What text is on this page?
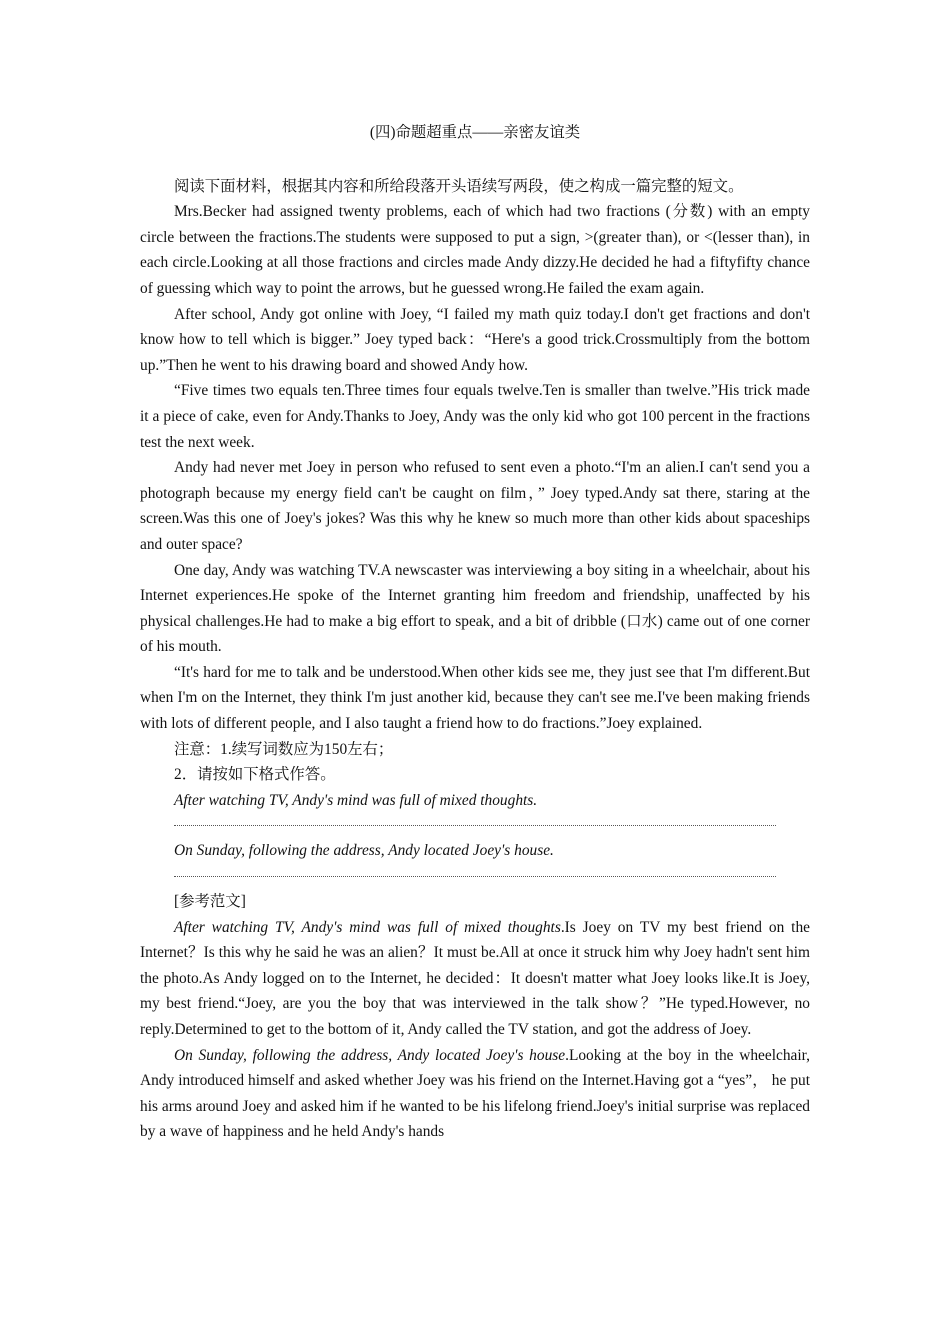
(四)命题超重点——亲密友谊类

阅读下面材料，根据其内容和所给段落开头语续写两段，使之构成一篇完整的短文。

Mrs.Becker had assigned twenty problems, each of which had two fractions (分数) with an empty circle between the fractions.The students were supposed to put a sign, >(greater than), or <(lesser than), in each circle.Looking at all those fractions and circles made Andy dizzy.He decided he had a fiftyfifty chance of guessing which way to point the arrows, but he guessed wrong.He failed the exam again.

After school, Andy got online with Joey, “I failed my math quiz today.I don't get fractions and don't know how to tell which is bigger.” Joey typed back：“Here's a good trick.Crossmultiply from the bottom up.”Then he went to his drawing board and showed Andy how.

“Five times two equals ten.Three times four equals twelve.Ten is smaller than twelve.”His trick made it a piece of cake, even for Andy.Thanks to Joey, Andy was the only kid who got 100 percent in the fractions test the next week.

Andy had never met Joey in person who refused to sent even a photo.“I'm an alien.I can't send you a photograph because my energy field can't be caught on film，” Joey typed.Andy sat there, staring at the screen.Was this one of Joey's jokes? Was this why he knew so much more than other kids about spaceships and outer space?

One day, Andy was watching TV.A newscaster was interviewing a boy siting in a wheelchair, about his Internet experiences.He spoke of the Internet granting him freedom and friendship, unaffected by his physical challenges.He had to make a big effort to speak, and a bit of dribble (口水) came out of one corner of his mouth.

“It's hard for me to talk and be understood.When other kids see me, they just see that I'm different.But when I'm on the Internet, they think I'm just another kid, because they can't see me.I've been making friends with lots of different people, and I also taught a friend how to do fractions.”Joey explained.

注意：1.续写词数应为150左右；

2．请按如下格式作答。

After watching TV, Andy's mind was full of mixed thoughts.

On Sunday, following the address, Andy located Joey's house.

[参考范文]

After watching TV, Andy's mind was full of mixed thoughts.Is Joey on TV my best friend on the Internet？Is this why he said he was an alien？It must be.All at once it struck him why Joey hadn't sent him the photo.As Andy logged on to the Internet, he decided：It doesn't matter what Joey looks like.It is Joey, my best friend.“Joey, are you the boy that was interviewed in the talk show？”He typed.However, no reply.Determined to get to the bottom of it, Andy called the TV station, and got the address of Joey.

On Sunday, following the address, Andy located Joey's house.Looking at the boy in the wheelchair, Andy introduced himself and asked whether Joey was his friend on the Internet.Having got a “yes”， he put his arms around Joey and asked him if he wanted to be his lifelong friend.Joey's initial surprise was replaced by a wave of happiness and he held Andy's hands
